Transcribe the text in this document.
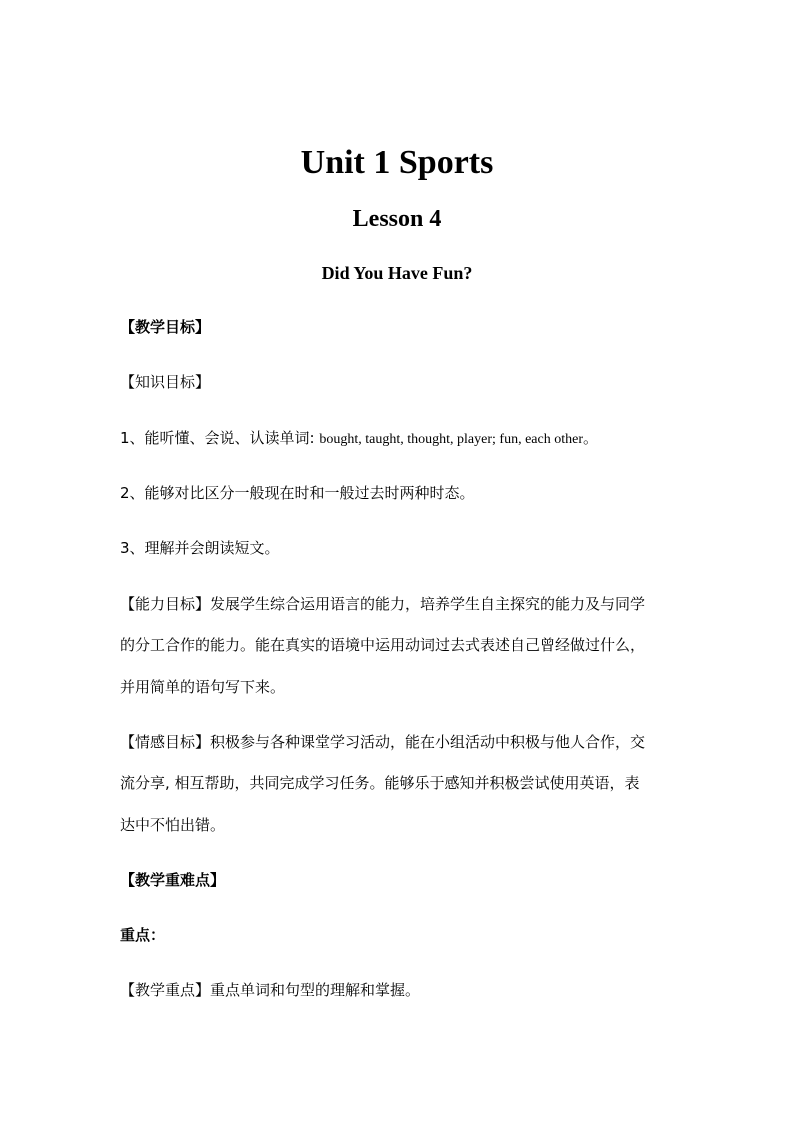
Unit 1 Sports
Lesson 4
Did You Have Fun?
【教学目标】
【知识目标】
1、能听懂、会说、认读单词: bought, taught, thought, player; fun, each other。
2、能够对比区分一般现在时和一般过去时两种时态。
3、理解并会朗读短文。
【能力目标】发展学生综合运用语言的能力，培养学生自主探究的能力及与同学
的分工合作的能力。能在真实的语境中运用动词过去式表述自己曾经做过什么，
并用简单的语句写下来。
【情感目标】积极参与各种课堂学习活动，能在小组活动中积极与他人合作，交
流分享, 相互帮助，共同完成学习任务。能够乐于感知并积极尝试使用英语，表
达中不怕出错。
【教学重难点】
重点：
【教学重点】重点单词和句型的理解和掌握。
